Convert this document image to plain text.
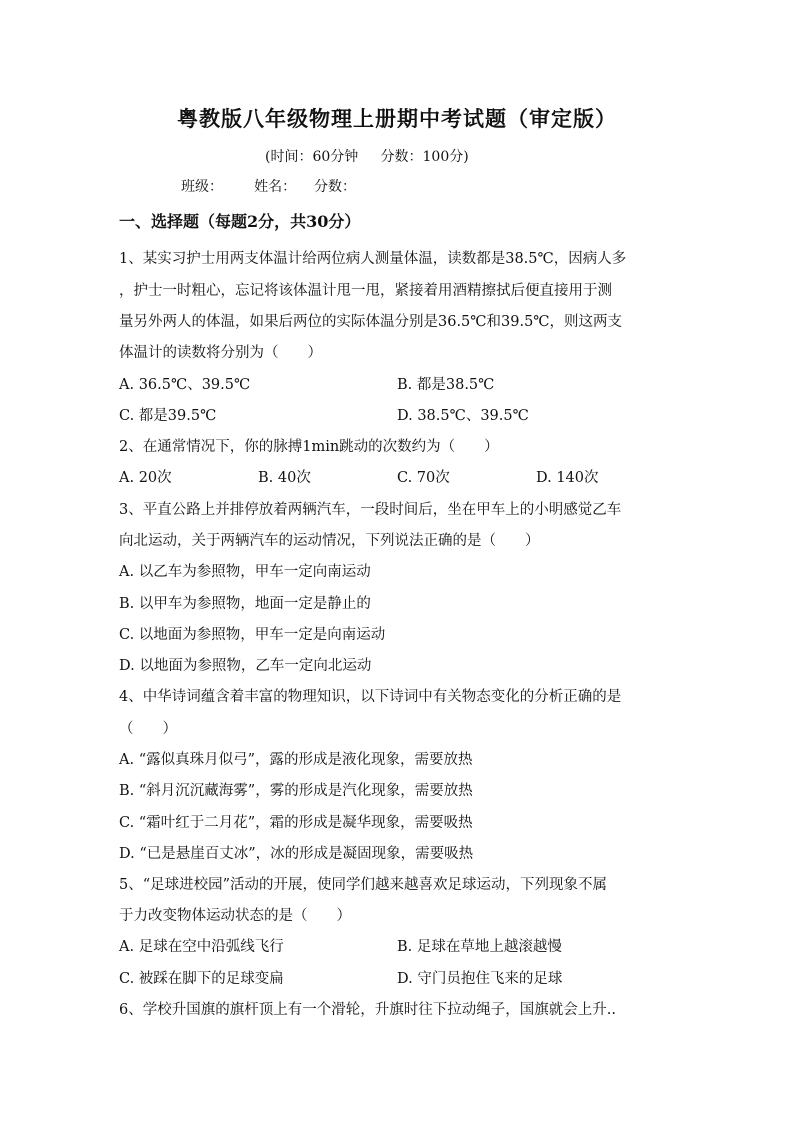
粤教版八年级物理上册期中考试题（审定版）
(时间：60分钟     分数：100分)
班级：       姓名：    分数：
一、选择题（每题2分，共30分）
1、某实习护士用两支体温计给两位病人测量体温，读数都是38.5℃，因病人多
，护士一时粗心，忘记将该体温计甩一甩，紧接着用酒精擦拭后便直接用于测
量另外两人的体温，如果后两位的实际体温分别是36.5℃和39.5℃，则这两支
体温计的读数将分别为（　　）
A. 36.5℃、39.5℃	B. 都是38.5℃
C. 都是39.5℃	D. 38.5℃、39.5℃
2、在通常情况下，你的脉搏1min跳动的次数约为（　　）
A. 20次	B. 40次	C. 70次	D. 140次
3、平直公路上并排停放着两辆汽车，一段时间后，坐在甲车上的小明感觉乙车
向北运动，关于两辆汽车的运动情况，下列说法正确的是（　　）
A. 以乙车为参照物，甲车一定向南运动
B. 以甲车为参照物，地面一定是静止的
C. 以地面为参照物，甲车一定是向南运动
D. 以地面为参照物，乙车一定向北运动
4、中华诗词蕴含着丰富的物理知识，以下诗词中有关物态变化的分析正确的是
（　　）
A. “露似真珠月似弓”，露的形成是液化现象，需要放热
B. “斜月沉沉藏海雾”，雾的形成是汽化现象，需要放热
C. “霜叶红于二月花”，霜的形成是凝华现象，需要吸热
D. “已是悬崖百丈冰”，冰的形成是凝固现象，需要吸热
5、“足球进校园”活动的开展，使同学们越来越喜欢足球运动，下列现象不属
于力改变物体运动状态的是（　　）
A. 足球在空中沿弧线飞行	B. 足球在草地上越滚越慢
C. 被踩在脚下的足球变扁	D. 守门员抱住飞来的足球
6、学校升国旗的旗杆顶上有一个滑轮，升旗时往下拉动绳子，国旗就会上升..
